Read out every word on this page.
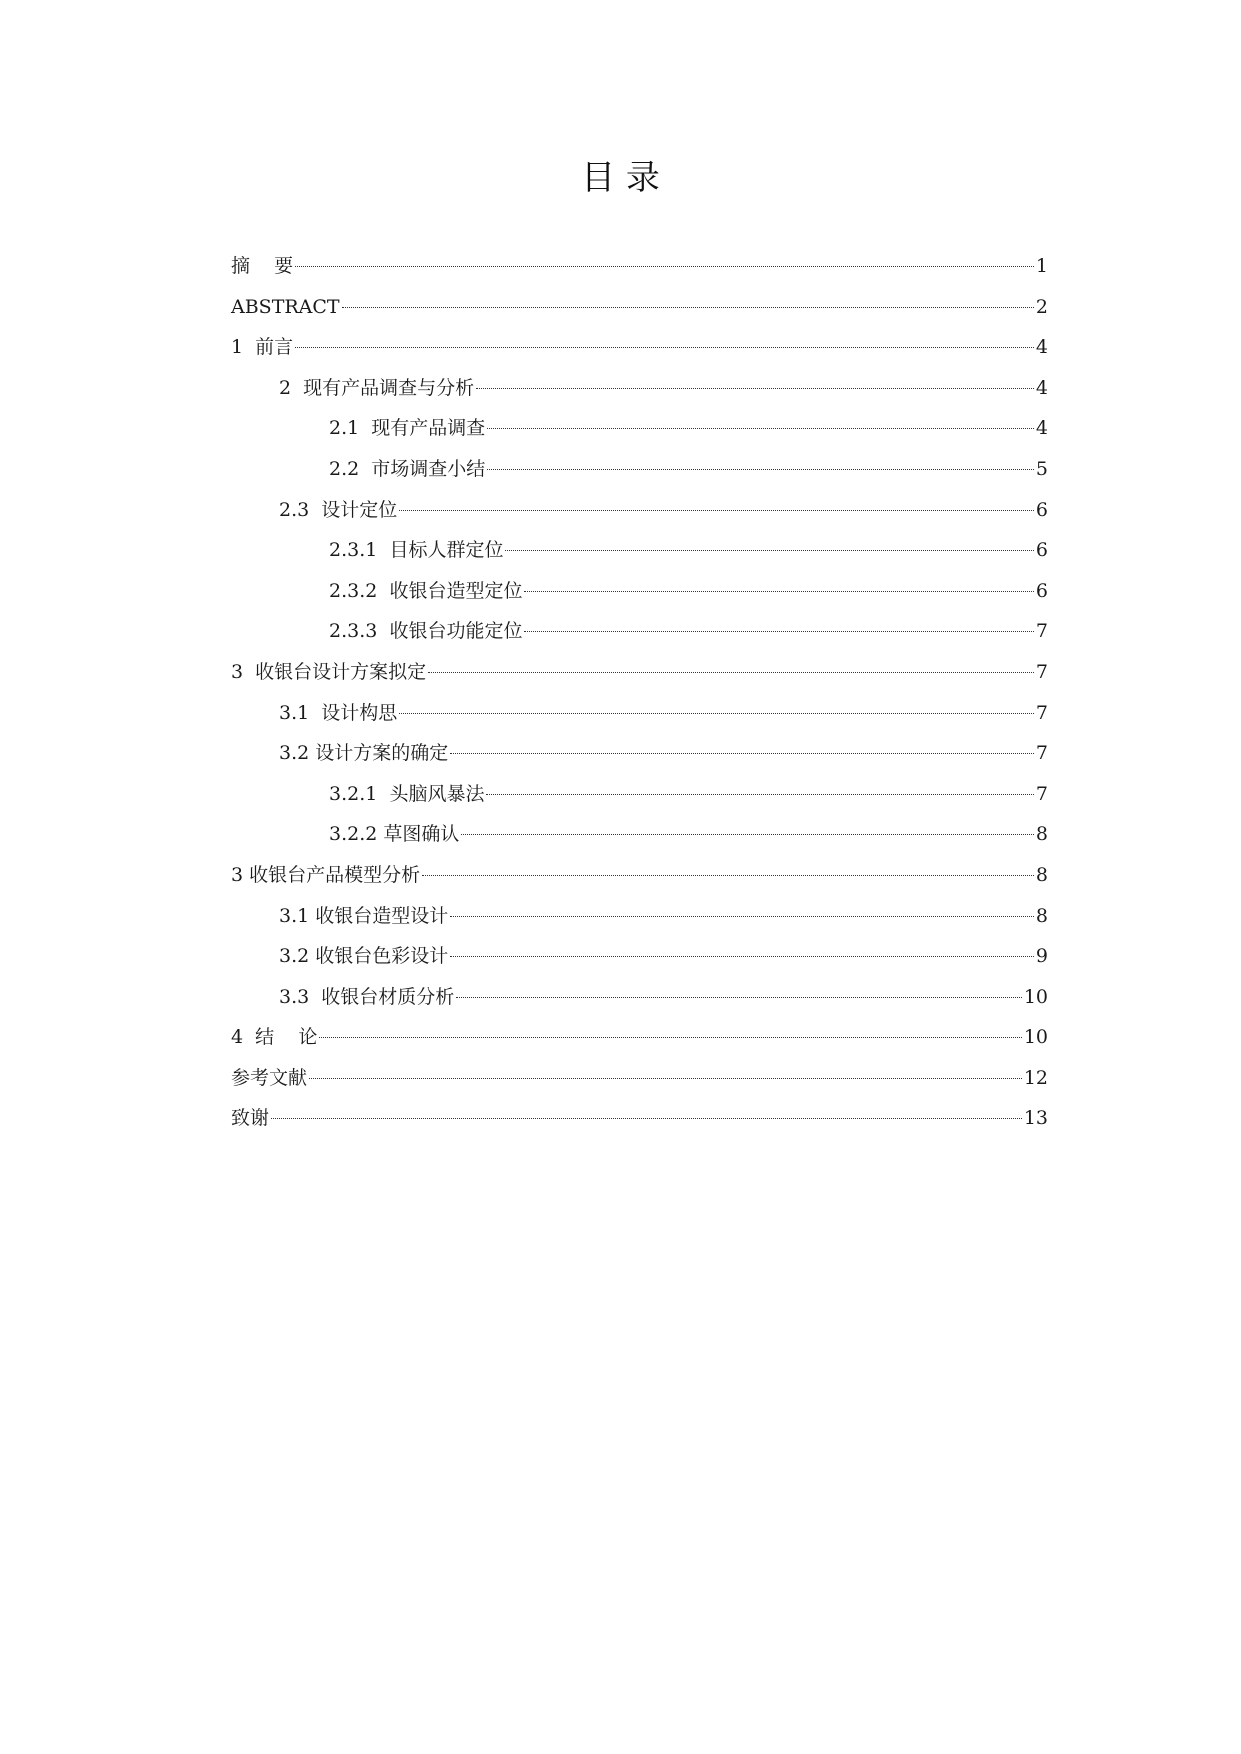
目 录
摘    要	1
ABSTRACT	2
1 前言	4
2 现有产品调查与分析	4
2.1 现有产品调查	4
2.2 市场调查小结	5
2.3 设计定位	6
2.3.1 目标人群定位	6
2.3.2 收银台造型定位	6
2.3.3 收银台功能定位	7
3 收银台设计方案拟定	7
3.1 设计构思	7
3.2 设计方案的确定	7
3.2.1 头脑风暴法	7
3.2.2 草图确认	8
3 收银台产品模型分析	8
3.1 收银台造型设计	8
3.2 收银台色彩设计	9
3.3 收银台材质分析	10
4 结    论	10
参考文献	12
致谢	13
